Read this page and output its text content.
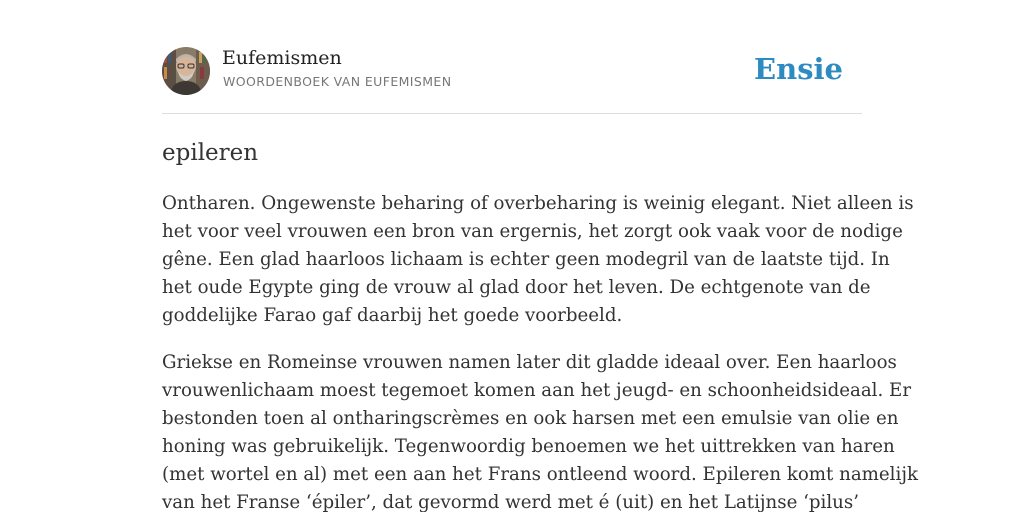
Eufemismen
WOORDENBOEK VAN EUFEMISMEN	Ensie
epileren

Ontharen. Ongewenste beharing of overbeharing is weinig elegant. Niet alleen is
het voor veel vrouwen een bron van ergernis, het zorgt ook vaak voor de nodige
gêne. Een glad haarloos lichaam is echter geen modegril van de laatste tijd. In
het oude Egypte ging de vrouw al glad door het leven. De echtgenote van de
goddelijke Farao gaf daarbij het goede voorbeeld.

Griekse en Romeinse vrouwen namen later dit gladde ideaal over. Een haarloos
vrouwenlichaam moest tegemoet komen aan het jeugd- en schoonheidsideaal. Er
bestonden toen al ontharingscrèmes en ook harsen met een emulsie van olie en
honing was gebruikelijk. Tegenwoordig benoemen we het uittrekken van haren
(met wortel en al) met een aan het Frans ontleend woord. Epileren komt namelijk
van het Franse ‘épiler’, dat gevormd werd met é (uit) en het Latijnse ‘pilus’
